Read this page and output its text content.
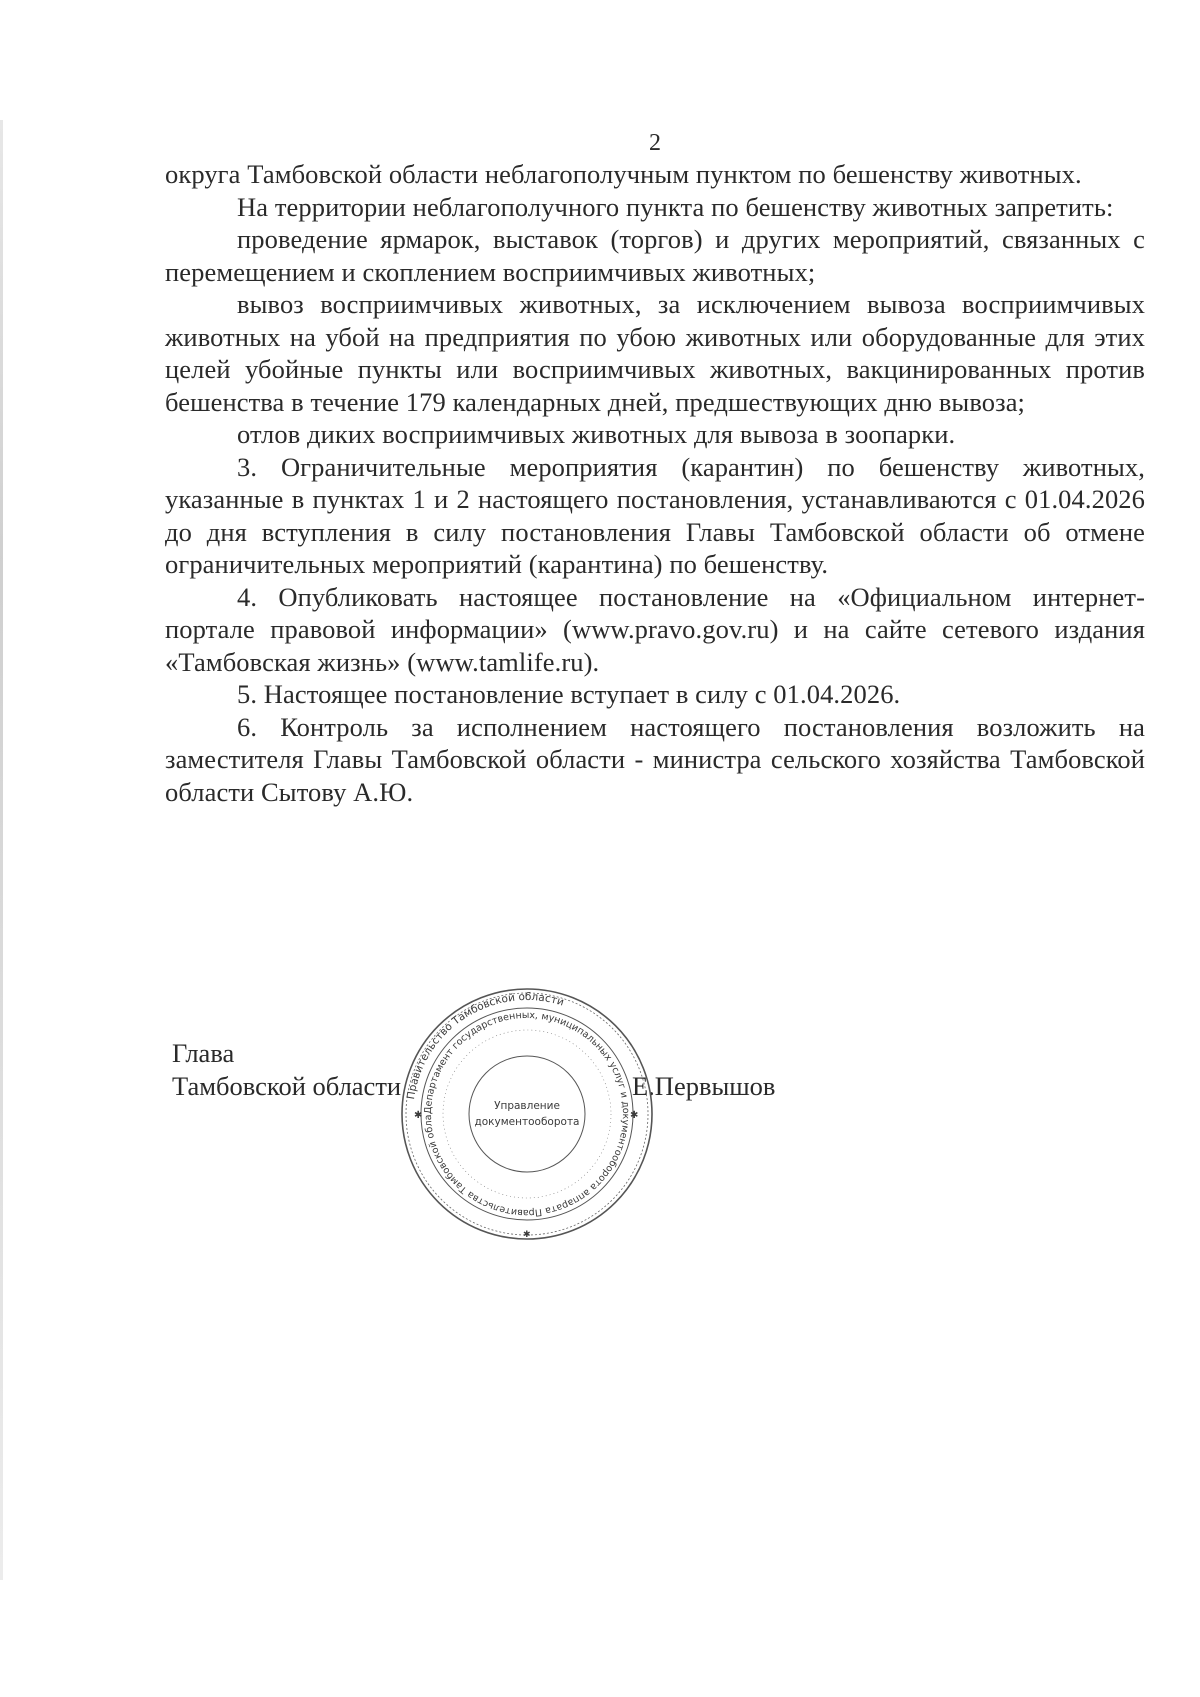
2

округа Тамбовской области неблагополучным пунктом по бешенству животных.

На территории неблагополучного пункта по бешенству животных запретить:

проведение ярмарок, выставок (торгов) и других мероприятий, связанных с перемещением и скоплением восприимчивых животных;

вывоз восприимчивых животных, за исключением вывоза восприимчивых животных на убой на предприятия по убою животных или оборудованные для этих целей убойные пункты или восприимчивых животных, вакцинированных против бешенства в течение 179 календарных дней, предшествующих дню вывоза;

отлов диких восприимчивых животных для вывоза в зоопарки.

3. Ограничительные мероприятия (карантин) по бешенству животных, указанные в пунктах 1 и 2 настоящего постановления, устанавливаются с 01.04.2026 до дня вступления в силу постановления Главы Тамбовской области об отмене ограничительных мероприятий (карантина) по бешенству.

4. Опубликовать настоящее постановление на «Официальном интернет-портале правовой информации» (www.pravo.gov.ru) и на сайте сетевого издания «Тамбовская жизнь» (www.tamlife.ru).

5. Настоящее постановление вступает в силу с 01.04.2026.

6. Контроль за исполнением настоящего постановления возложить на заместителя Главы Тамбовской области - министра сельского хозяйства Тамбовской области Сытову А.Ю.

Глава
Тамбовской области	Е.Первышов
Правительство Тамбовской области
Департамент государственных, муниципальных услуг и документооборота аппарата Правительства Тамбовской обла
Управление
документооборота
✱	✱
✱
